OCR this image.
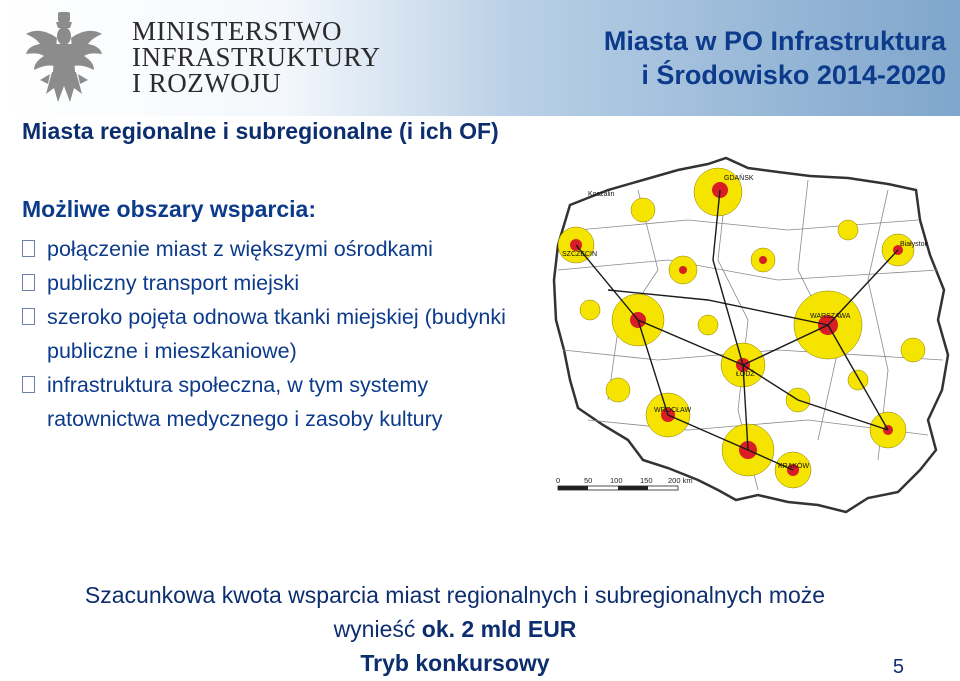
MINISTERSTWO
INFRASTRUKTURY
I ROZWOJU

Miasta w PO Infrastruktura
i Środowisko 2014-2020

Miasta regionalne i subregionalne (i ich OF)
Możliwe obszary wsparcia:
połączenie miast z większymi ośrodkami
publiczny transport miejski
szeroko pojęta odnowa tkanki miejskiej (budynki publiczne i mieszkaniowe)
infrastruktura społeczna, w tym systemy ratownictwa medycznego i zasoby kultury
GDAŃSK
WARSZAWA
Koszalin
Białystok
ŁÓDŹ
KRAKÓW
WROCŁAW
SZCZECIN
0	50 100 150 200 km

Szacunkowa kwota wsparcia miast regionalnych i subregionalnych może

wynieść ok. 2 mld EUR

Tryb konkursowy	5
